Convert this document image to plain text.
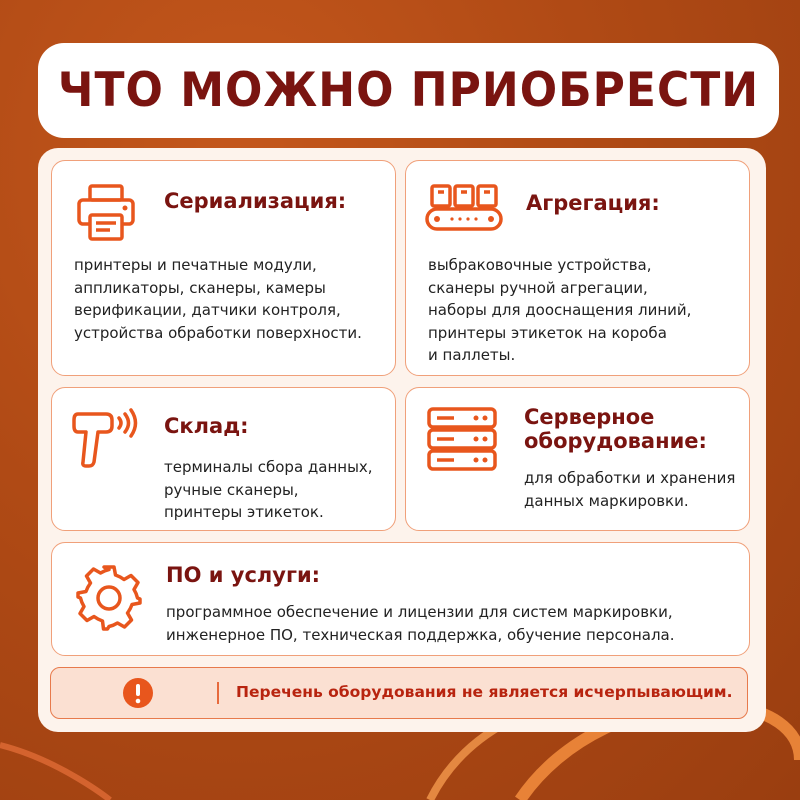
ЧТО МОЖНО ПРИОБРЕСТИ
Сериализация:
принтеры и печатные модули,
аппликаторы, сканеры, камеры
верификации, датчики контроля,
устройства обработки поверхности.
Агрегация:
выбраковочные устройства,
сканеры ручной агрегации,
наборы для дооснащения линий,
принтеры этикеток на короба
и паллеты.
Склад:
терминалы сбора данных,
ручные сканеры,
принтеры этикеток.
Серверное
оборудование:
для обработки и хранения
данных маркировки.
ПО и услуги:
программное обеспечение и лицензии для систем маркировки,
инженерное ПО, техническая поддержка, обучение персонала.
Перечень оборудования не является исчерпывающим.
